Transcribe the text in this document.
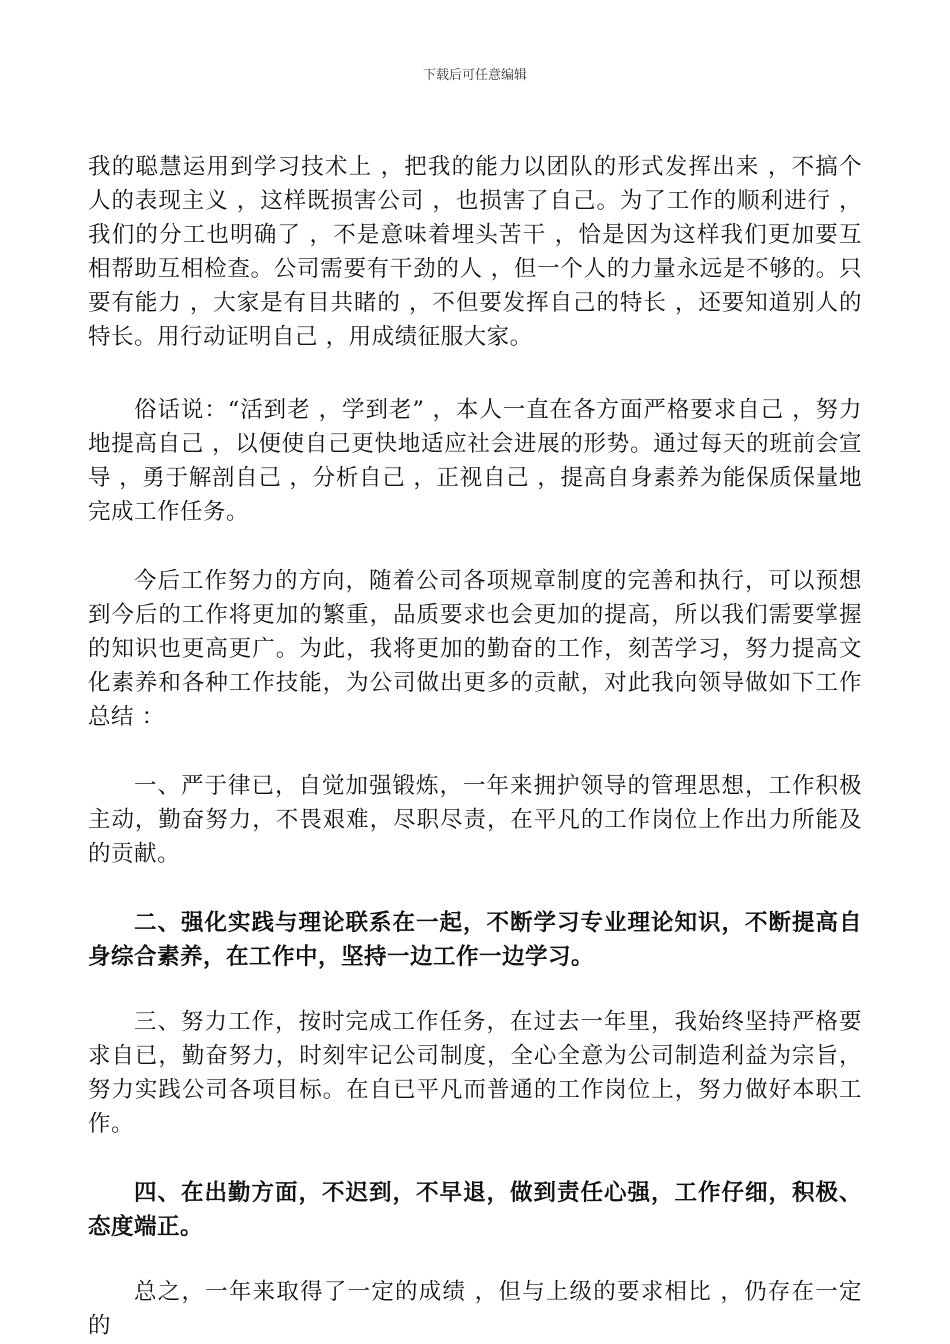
下载后可任意编辑

我的聪慧运用到学习技术上 ，把我的能力以团队的形式发挥出来 ，不搞个人的表现主义 ，这样既损害公司 ，也损害了自己。为了工作的顺利进行 ，我们的分工也明确了 ，不是意味着埋头苦干 ，恰是因为这样我们更加要互相帮助互相检查。公司需要有干劲的人 ，但一个人的力量永远是不够的。只要有能力 ，大家是有目共睹的 ，不但要发挥自己的特长 ，还要知道别人的特长。用行动证明自己 ，用成绩征服大家。

俗话说：“活到老 ，学到老” ，本人一直在各方面严格要求自己 ，努力地提高自己 ，以便使自己更快地适应社会进展的形势。通过每天的班前会宣导 ，勇于解剖自己 ，分析自己 ，正视自己 ，提高自身素养为能保质保量地完成工作任务。

今后工作努力的方向，随着公司各项规章制度的完善和执行，可以预想到今后的工作将更加的繁重，品质要求也会更加的提高，所以我们需要掌握的知识也更高更广。为此，我将更加的勤奋的工作，刻苦学习，努力提高文化素养和各种工作技能，为公司做出更多的贡献，对此我向领导做如下工作总结 ：

一、严于律已，自觉加强锻炼，一年来拥护领导的管理思想，工作积极主动，勤奋努力，不畏艰难，尽职尽责，在平凡的工作岗位上作出力所能及的贡献。

二、强化实践与理论联系在一起，不断学习专业理论知识，不断提高自身综合素养，在工作中，坚持一边工作一边学习。

三、努力工作，按时完成工作任务，在过去一年里，我始终坚持严格要求自已，勤奋努力，时刻牢记公司制度，全心全意为公司制造利益为宗旨，努力实践公司各项目标。在自已平凡而普通的工作岗位上，努力做好本职工作。

四、在出勤方面，不迟到，不早退，做到责任心强，工作仔细，积极、态度端正。

总之，一年来取得了一定的成绩 ，但与上级的要求相比 ，仍存在一定的
